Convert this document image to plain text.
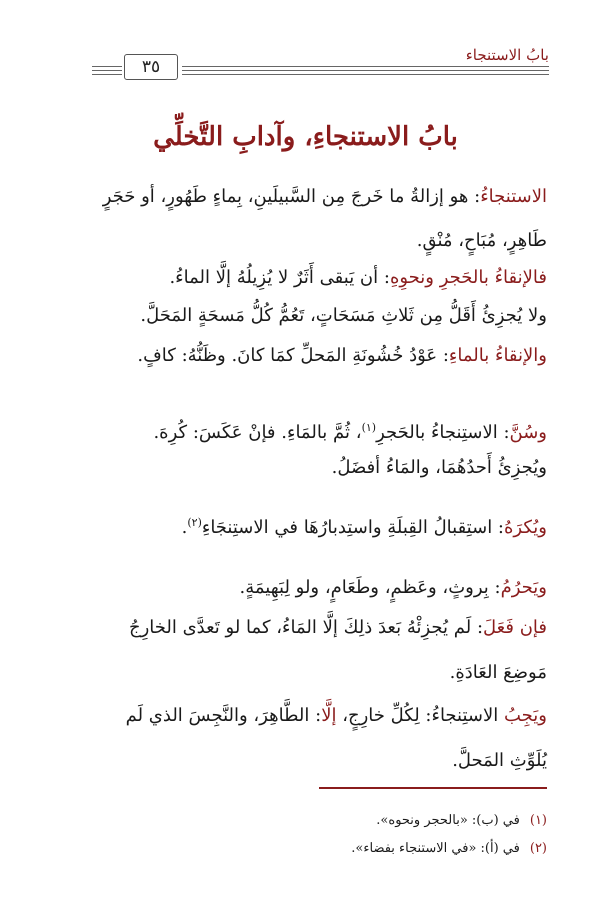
بابُ الاستنجاء
٣٥
بابُ الاستنجاءِ، وآدابِ التَّخلِّي
الاستنجاءُ: هو إزالةُ ما خَرجَ مِن السَّبيلَينِ، بِماءٍ طَهُورٍ، أو حَجَرٍ
طَاهِرٍ، مُبَاحٍ، مُنْقٍ.
فالإنقاءُ بالحَجرِ ونحوِهِ: أن يَبقى أَثَرٌ لا يُزِيلُهُ إلَّا الماءُ.
ولا يُجزِئُ أَقَلُّ مِن ثَلاثِ مَسَحَاتٍ، تَعُمُّ كُلُّ مَسحَةٍ المَحَلَّ.
والإنقاءُ بالماءِ: عَوْدُ خُشُونَةِ المَحلِّ كمَا كانَ. وظَنُّهُ: كافٍ.
وسُنَّ: الاستِنجاءُ بالحَجرِ$^{(١)}$، ثُمَّ بالمَاءِ. فإنْ عَكَسَ: كُرِهَ.
ويُجزِئُ أَحدُهُمَا، والمَاءُ أفضَلُ.
ويُكرَهُ: استِقبالُ القِبلَةِ واستِدبارُهَا في الاستِنجَاءِ$^{(٢)}$.
ويَحرُمُ: بِروثٍ، وعَظمٍ، وطَعَامٍ، ولو لِبَهِيمَةٍ.
فإن فَعَلَ: لَم يُجزِئْهُ بَعدَ ذلِكَ إلَّا المَاءُ، كما لو تَعدَّى الخارِجُ
مَوضِعَ العَادَةِ.
ويَجِبُ الاستِنجاءُ: لِكُلِّ خارِجٍ، إلَّا: الطَّاهِرَ، والنَّجِسَ الذي لَم
يُلَوِّثِ المَحلَّ.
(١)في (ب): «بالحجر ونحوه».
(٢)في (أ): «في الاستنجاء بفضاء».
